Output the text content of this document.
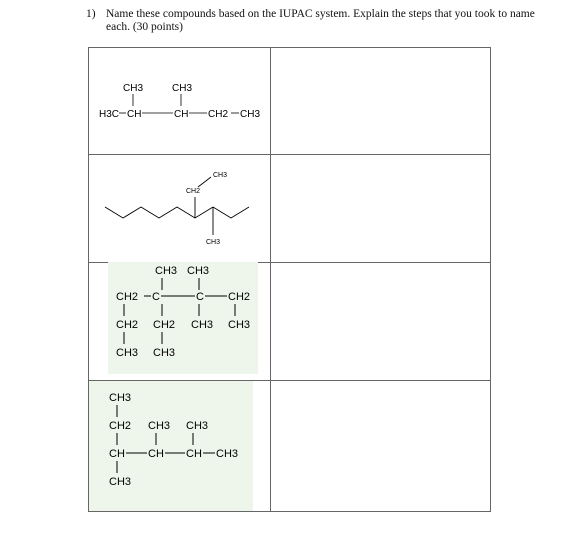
1) Name these compounds based on the IUPAC system. Explain the steps that you took to name each. (30 points)
CH3	CH3
H3C CH	CH CH2 CH3
CH3
CH2
CH3
CH3 CH3
CH2 C	C CH2
CH2 CH2 CH3 CH3
CH3 CH3
CH3
CH2 CH3 CH3
CH CH CH CH3
CH3
